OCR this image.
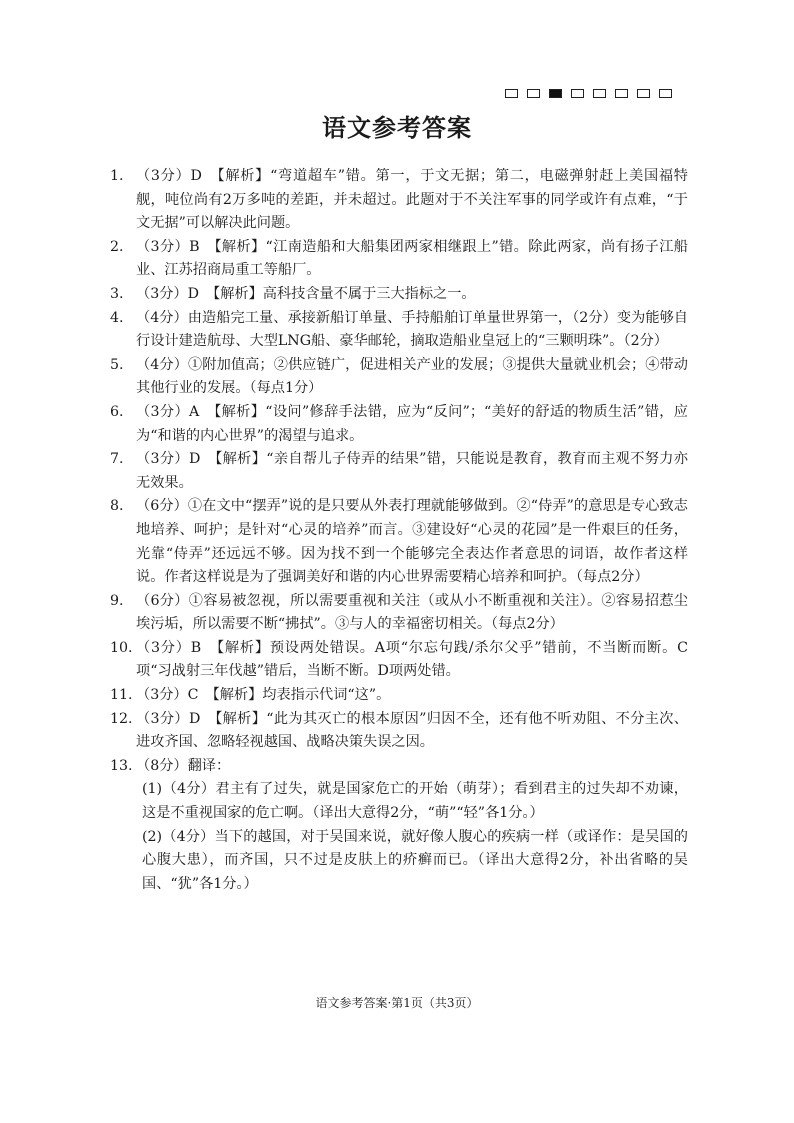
语文参考答案
1. （3分）D　【解析】“弯道超车”错。第一，于文无据；第二，电磁弹射赶上美国福特舰，吨位尚有2万多吨的差距，并未超过。此题对于不关注军事的同学或许有点难，“于文无据”可以解决此问题。
2. （3分）B　【解析】“江南造船和大船集团两家相继跟上”错。除此两家，尚有扬子江船业、江苏招商局重工等船厂。
3. （3分）D　【解析】高科技含量不属于三大指标之一。
4. （4分）由造船完工量、承接新船订单量、手持船舶订单量世界第一，（2分）变为能够自行设计建造航母、大型LNG船、豪华邮轮，摘取造船业皇冠上的“三颗明珠”。（2分）
5. （4分）①附加值高；②供应链广，促进相关产业的发展；③提供大量就业机会；④带动其他行业的发展。（每点1分）
6. （3分）A　【解析】“设问”修辞手法错，应为“反问”；“美好的舒适的物质生活”错，应为“和谐的内心世界”的渴望与追求。
7. （3分）D　【解析】“亲自帮儿子侍弄的结果”错，只能说是教育，教育而主观不努力亦无效果。
8. （6分）①在文中“摆弄”说的是只要从外表打理就能够做到。②“侍弄”的意思是专心致志地培养、呵护；是针对“心灵的培养”而言。③建设好“心灵的花园”是一件艰巨的任务，光靠“侍弄”还远远不够。因为找不到一个能够完全表达作者意思的词语，故作者这样说。作者这样说是为了强调美好和谐的内心世界需要精心培养和呵护。（每点2分）
9. （6分）①容易被忽视，所以需要重视和关注（或从小不断重视和关注）。②容易招惹尘埃污垢，所以需要不断“拂拭”。③与人的幸福密切相关。（每点2分）
10. （3分）B　【解析】预设两处错误。A项“尔忘句践/杀尔父乎”错前，不当断而断。C项“习战射三年伐越”错后，当断不断。D项两处错。
11. （3分）C　【解析】均表指示代词“这”。
12. （3分）D　【解析】“此为其灭亡的根本原因”归因不全，还有他不听劝阻、不分主次、进攻齐国、忽略轻视越国、战略决策失误之因。
13. （8分）翻译：
(1)（4分）君主有了过失，就是国家危亡的开始（萌芽）；看到君主的过失却不劝谏，这是不重视国家的危亡啊。（译出大意得2分，“萌”“轻”各1分。）
(2)（4分）当下的越国，对于吴国来说，就好像人腹心的疾病一样（或译作：是吴国的心腹大患），而齐国，只不过是皮肤上的疥癣而已。（译出大意得2分，补出省略的吴国、“犹”各1分。）
语文参考答案·第1页（共3页）
